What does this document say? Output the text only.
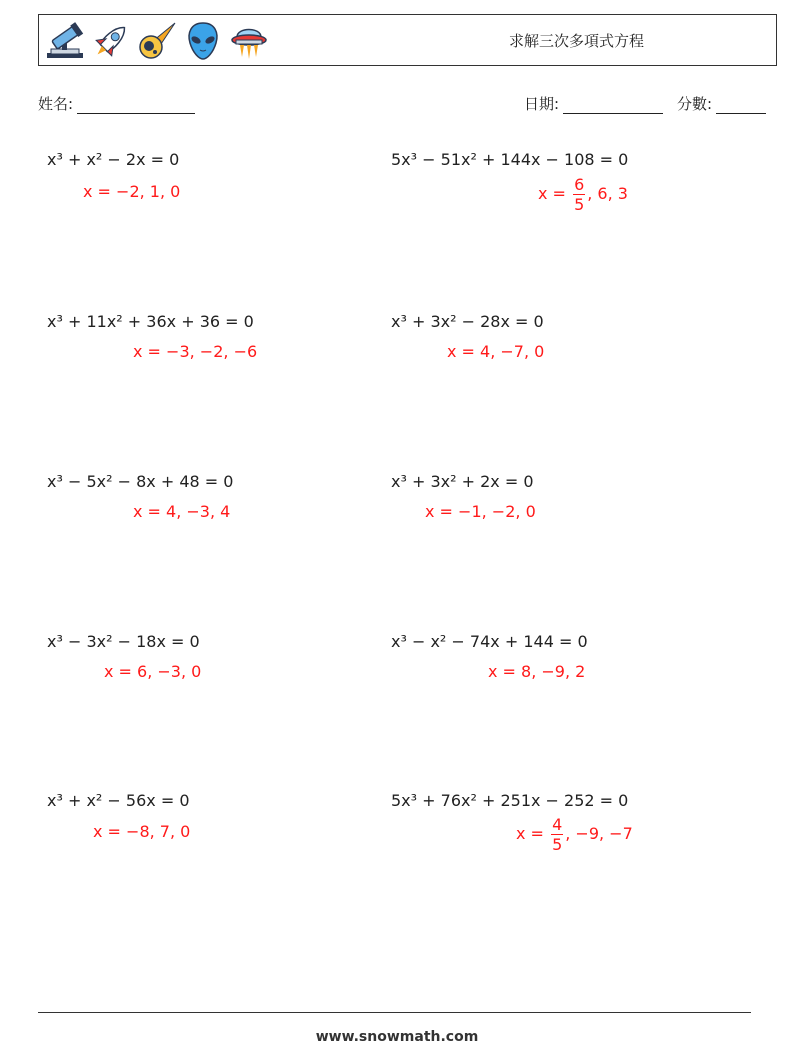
求解三次多項式方程
姓名:	日期:	分數:
x³ + x² − 2x = 0
x = −2, 1, 0
5x³ − 51x² + 144x − 108 = 0
$x = \frac{6}{5}$ , 6, 3
x³ + 11x² + 36x + 36 = 0
x = −3, −2, −6
x³ + 3x² − 28x = 0
x = 4, −7, 0
x³ − 5x² − 8x + 48 = 0
x = 4, −3, 4
x³ + 3x² + 2x = 0
x = −1, −2, 0
x³ − 3x² − 18x = 0
x = 6, −3, 0
x³ − x² − 74x + 144 = 0
x = 8, −9, 2
x³ + x² − 56x = 0
x = −8, 7, 0
5x³ + 76x² + 251x − 252 = 0
$x = \frac{4}{5}$ , −9, −7
www.snowmath.com
